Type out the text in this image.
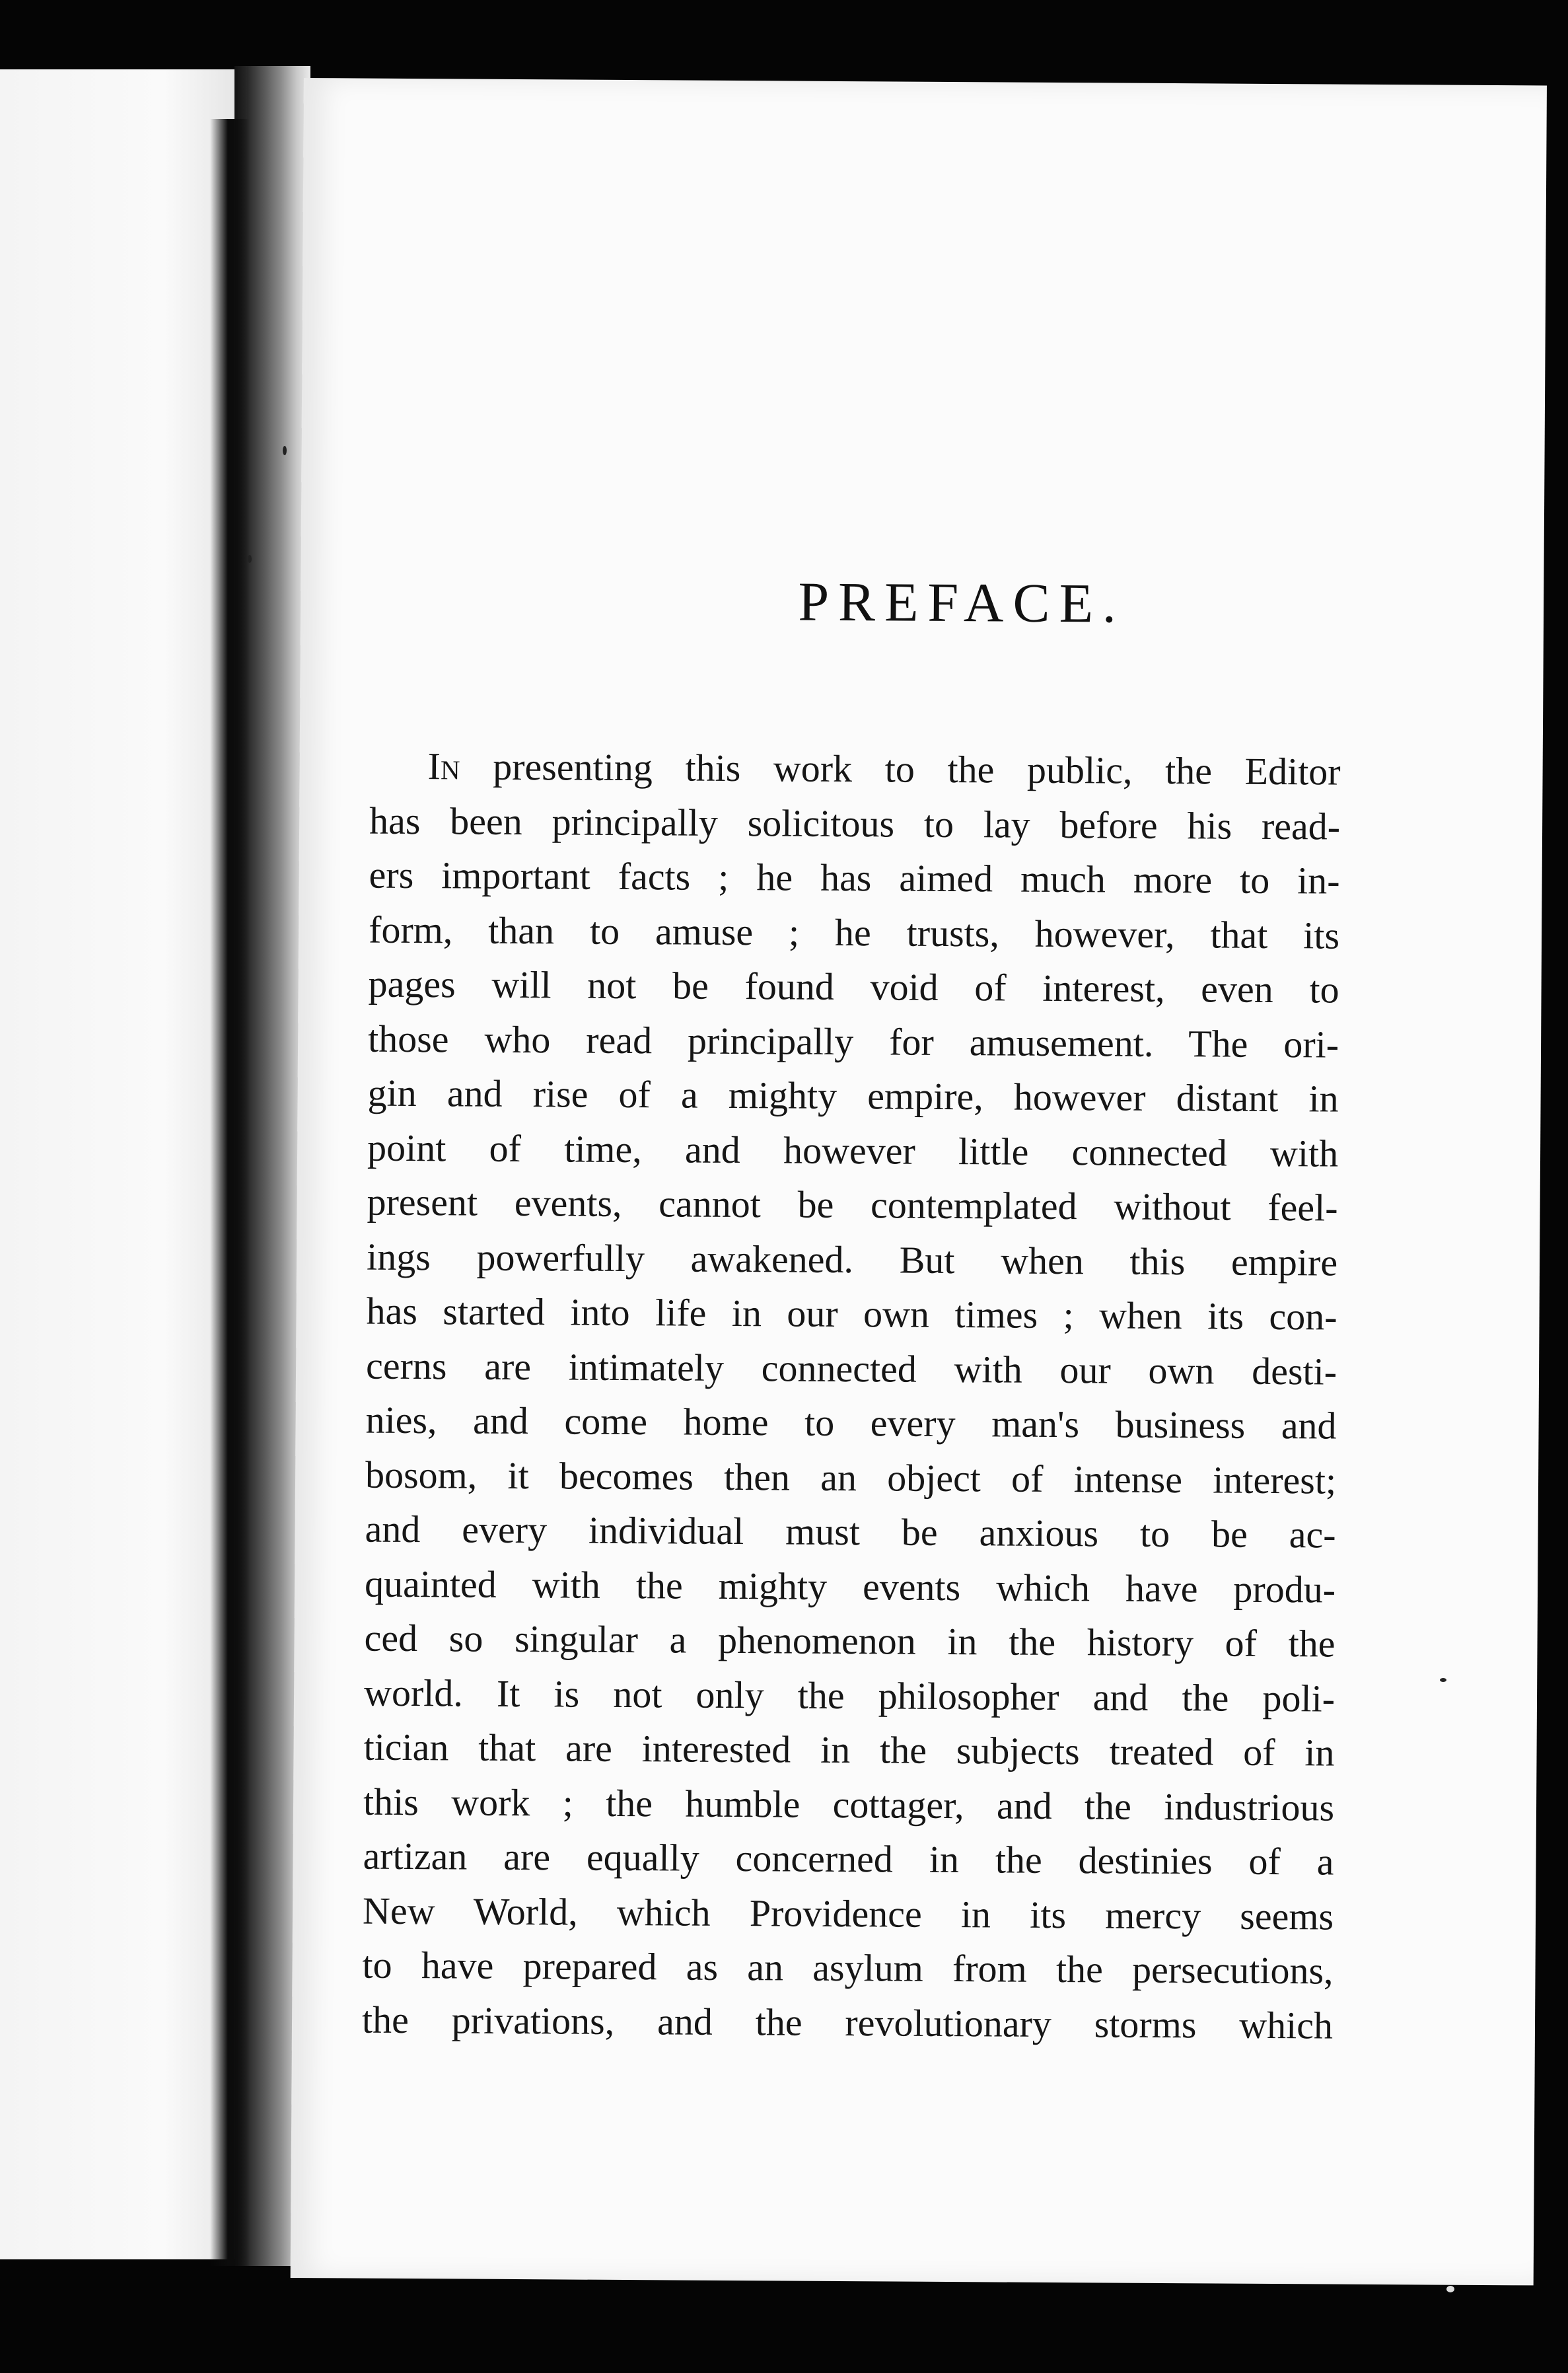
PREFACE.
In presenting this work to the public, the Editor
has been principally solicitous to lay before his read-
ers important facts ; he has aimed much more to in-
form, than to amuse ; he trusts, however, that its
pages will not be found void of interest, even to
those who read principally for amusement. The ori-
gin and rise of a mighty empire, however distant in
point of time, and however little connected with
present events, cannot be contemplated without feel-
ings powerfully awakened. But when this empire
has started into life in our own times ; when its con-
cerns are intimately connected with our own desti-
nies, and come home to every man's business and
bosom, it becomes then an object of intense interest;
and every individual must be anxious to be ac-
quainted with the mighty events which have produ-
ced so singular a phenomenon in the history of the
world. It is not only the philosopher and the poli-
tician that are interested in the subjects treated of in
this work ; the humble cottager, and the industrious
artizan are equally concerned in the destinies of a
New World, which Providence in its mercy seems
to have prepared as an asylum from the persecutions,
the privations, and the revolutionary storms which
